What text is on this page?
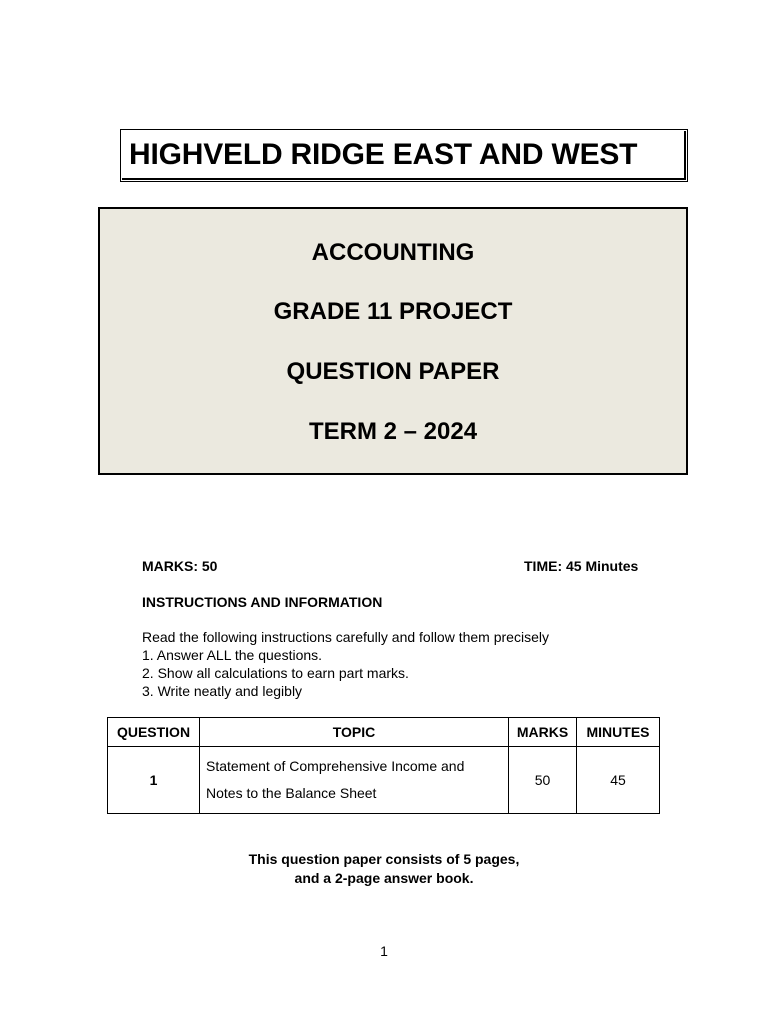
HIGHVELD RIDGE EAST AND WEST
ACCOUNTING
GRADE 11 PROJECT
QUESTION PAPER
TERM 2 – 2024
MARKS: 50	TIME: 45 Minutes
INSTRUCTIONS AND INFORMATION
Read the following instructions carefully and follow them precisely
1. Answer ALL the questions.
2. Show all calculations to earn part marks.
3. Write neatly and legibly
QUESTION	TOPIC	MARKS	MINUTES
1	Statement of Comprehensive Income and
Notes to the Balance Sheet	50	45
This question paper consists of 5 pages,
and a 2-page answer book.
1
